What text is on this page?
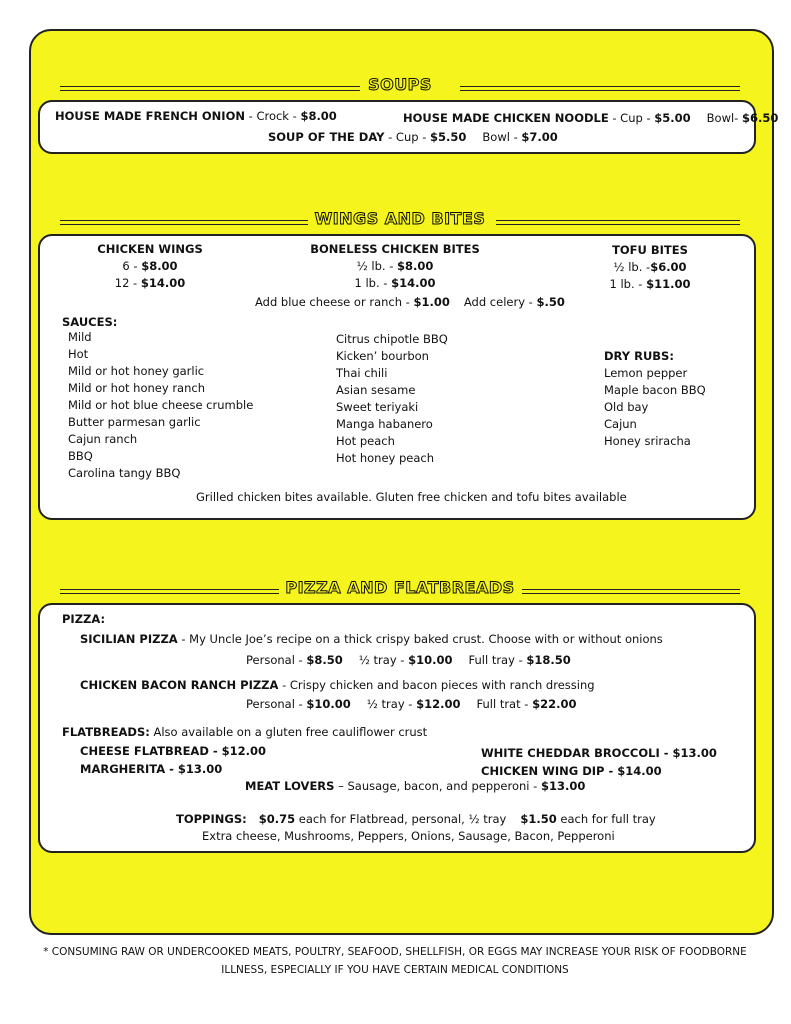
SOUPS
HOUSE MADE FRENCH ONION - Crock - $8.00	HOUSE MADE CHICKEN NOODLE - Cup - $5.00 Bowl- $6.50
SOUP OF THE DAY - Cup - $5.50 Bowl - $7.00
WINGS AND BITES
CHICKEN WINGS
6 - $8.00
12 - $14.00
BONELESS CHICKEN BITES
½ lb. - $8.00
1 lb. - $14.00
TOFU BITES
½ lb. -$6.00
1 lb. - $11.00
Add blue cheese or ranch - $1.00 Add celery - $.50
SAUCES:
Mild
Hot
Mild or hot honey garlic
Mild or hot honey ranch
Mild or hot blue cheese crumble
Butter parmesan garlic
Cajun ranch
BBQ
Carolina tangy BBQ
Citrus chipotle BBQ
Kicken’ bourbon
Thai chili
Asian sesame
Sweet teriyaki
Manga habanero
Hot peach
Hot honey peach
DRY RUBS:
Lemon pepper
Maple bacon BBQ
Old bay
Cajun
Honey sriracha
Grilled chicken bites available. Gluten free chicken and tofu bites available
PIZZA AND FLATBREADS
PIZZA:
SICILIAN PIZZA - My Uncle Joe’s recipe on a thick crispy baked crust. Choose with or without onions
Personal - $8.50 ½ tray - $10.00 Full tray - $18.50
CHICKEN BACON RANCH PIZZA - Crispy chicken and bacon pieces with ranch dressing
Personal - $10.00 ½ tray - $12.00 Full trat - $22.00
FLATBREADS: Also available on a gluten free cauliflower crust
CHEESE FLATBREAD - $12.00
MARGHERITA - $13.00
WHITE CHEDDAR BROCCOLI - $13.00
CHICKEN WING DIP - $14.00
MEAT LOVERS – Sausage, bacon, and pepperoni - $13.00
TOPPINGS: $0.75 each for Flatbread, personal, ½ tray $1.50 each for full tray
Extra cheese, Mushrooms, Peppers, Onions, Sausage, Bacon, Pepperoni
* CONSUMING RAW OR UNDERCOOKED MEATS, POULTRY, SEAFOOD, SHELLFISH, OR EGGS MAY INCREASE YOUR RISK OF FOODBORNE
ILLNESS, ESPECIALLY IF YOU HAVE CERTAIN MEDICAL CONDITIONS
